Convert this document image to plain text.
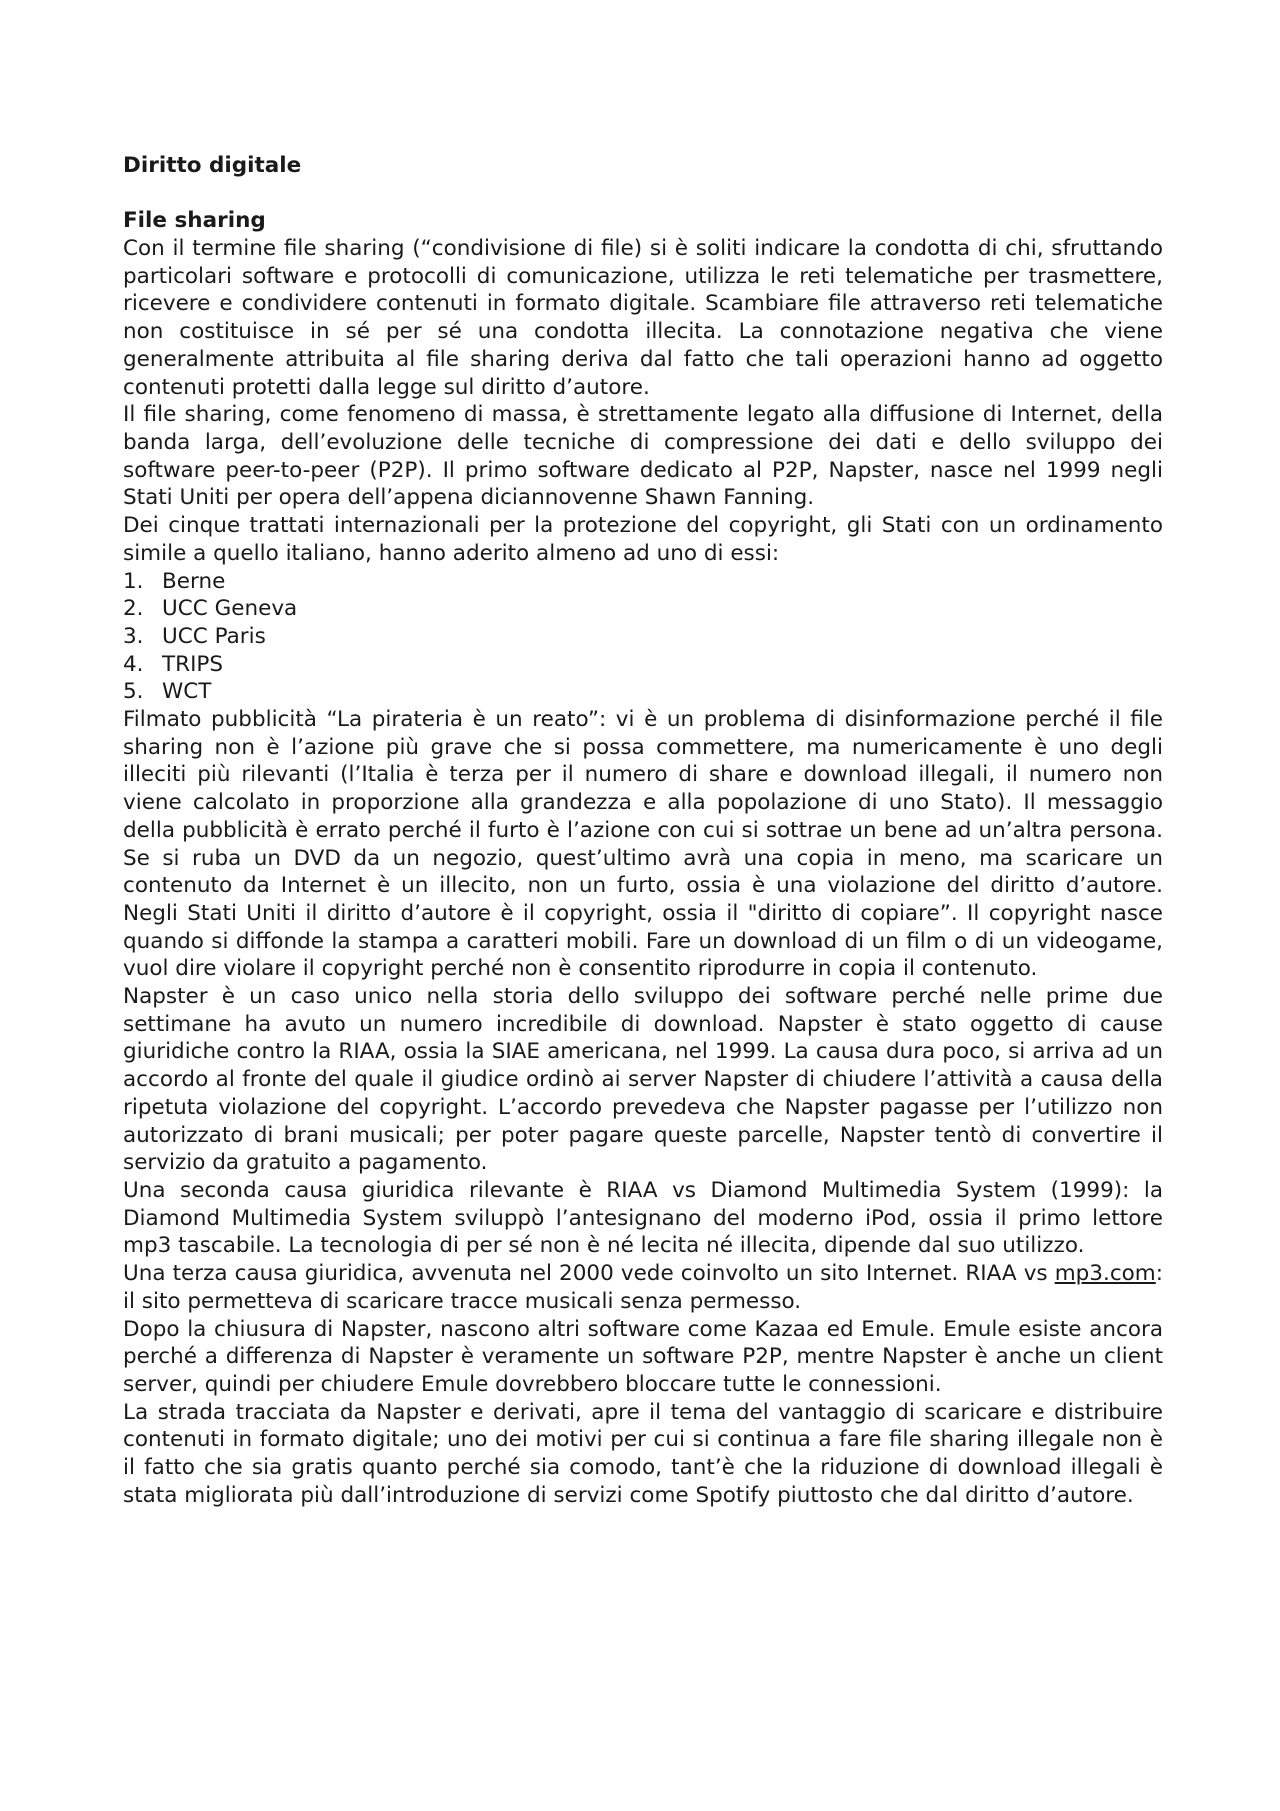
Diritto digitale
File sharing

Con il termine file sharing (“condivisione di file) si è soliti indicare la condotta di chi, sfruttando particolari software e protocolli di comunicazione, utilizza le reti telematiche per trasmettere, ricevere e condividere contenuti in formato digitale. Scambiare file attraverso reti telematiche non costituisce in sé per sé una condotta illecita. La connotazione negativa che viene generalmente attribuita al file sharing deriva dal fatto che tali operazioni hanno ad oggetto contenuti protetti dalla legge sul diritto d’autore.

Il file sharing, come fenomeno di massa, è strettamente legato alla diffusione di Internet, della banda larga, dell’evoluzione delle tecniche di compressione dei dati e dello sviluppo dei software peer-to-peer (P2P). Il primo software dedicato al P2P, Napster, nasce nel 1999 negli Stati Uniti per opera dell’appena diciannovenne Shawn Fanning.

Dei cinque trattati internazionali per la protezione del copyright, gli Stati con un ordinamento simile a quello italiano, hanno aderito almeno ad uno di essi:

1. Berne
2. UCC Geneva
3. UCC Paris
4. TRIPS
5. WCT

Filmato pubblicità “La pirateria è un reato”: vi è un problema di disinformazione perché il file sharing non è l’azione più grave che si possa commettere, ma numericamente è uno degli illeciti più rilevanti (l’Italia è terza per il numero di share e download illegali, il numero non viene calcolato in proporzione alla grandezza e alla popolazione di uno Stato). Il messaggio della pubblicità è errato perché il furto è l’azione con cui si sottrae un bene ad un’altra persona. Se si ruba un DVD da un negozio, quest’ultimo avrà una copia in meno, ma scaricare un contenuto da Internet è un illecito, non un furto, ossia è una violazione del diritto d’autore. Negli Stati Uniti il diritto d’autore è il copyright, ossia il "diritto di copiare”. Il copyright nasce quando si diffonde la stampa a caratteri mobili. Fare un download di un film o di un videogame, vuol dire violare il copyright perché non è consentito riprodurre in copia il contenuto.

Napster è un caso unico nella storia dello sviluppo dei software perché nelle prime due settimane ha avuto un numero incredibile di download. Napster è stato oggetto di cause giuridiche contro la RIAA, ossia la SIAE americana, nel 1999. La causa dura poco, si arriva ad un accordo al fronte del quale il giudice ordinò ai server Napster di chiudere l’attività a causa della ripetuta violazione del copyright. L’accordo prevedeva che Napster pagasse per l’utilizzo non autorizzato di brani musicali; per poter pagare queste parcelle, Napster tentò di convertire il servizio da gratuito a pagamento.

Una seconda causa giuridica rilevante è RIAA vs Diamond Multimedia System (1999): la Diamond Multimedia System sviluppò l’antesignano del moderno iPod, ossia il primo lettore mp3 tascabile. La tecnologia di per sé non è né lecita né illecita, dipende dal suo utilizzo.

Una terza causa giuridica, avvenuta nel 2000 vede coinvolto un sito Internet. RIAA vs mp3.com: il sito permetteva di scaricare tracce musicali senza permesso.

Dopo la chiusura di Napster, nascono altri software come Kazaa ed Emule. Emule esiste ancora perché a differenza di Napster è veramente un software P2P, mentre Napster è anche un client server, quindi per chiudere Emule dovrebbero bloccare tutte le connessioni.

La strada tracciata da Napster e derivati, apre il tema del vantaggio di scaricare e distribuire contenuti in formato digitale; uno dei motivi per cui si continua a fare file sharing illegale non è il fatto che sia gratis quanto perché sia comodo, tant’è che la riduzione di download illegali è stata migliorata più dall’introduzione di servizi come Spotify piuttosto che dal diritto d’autore.
